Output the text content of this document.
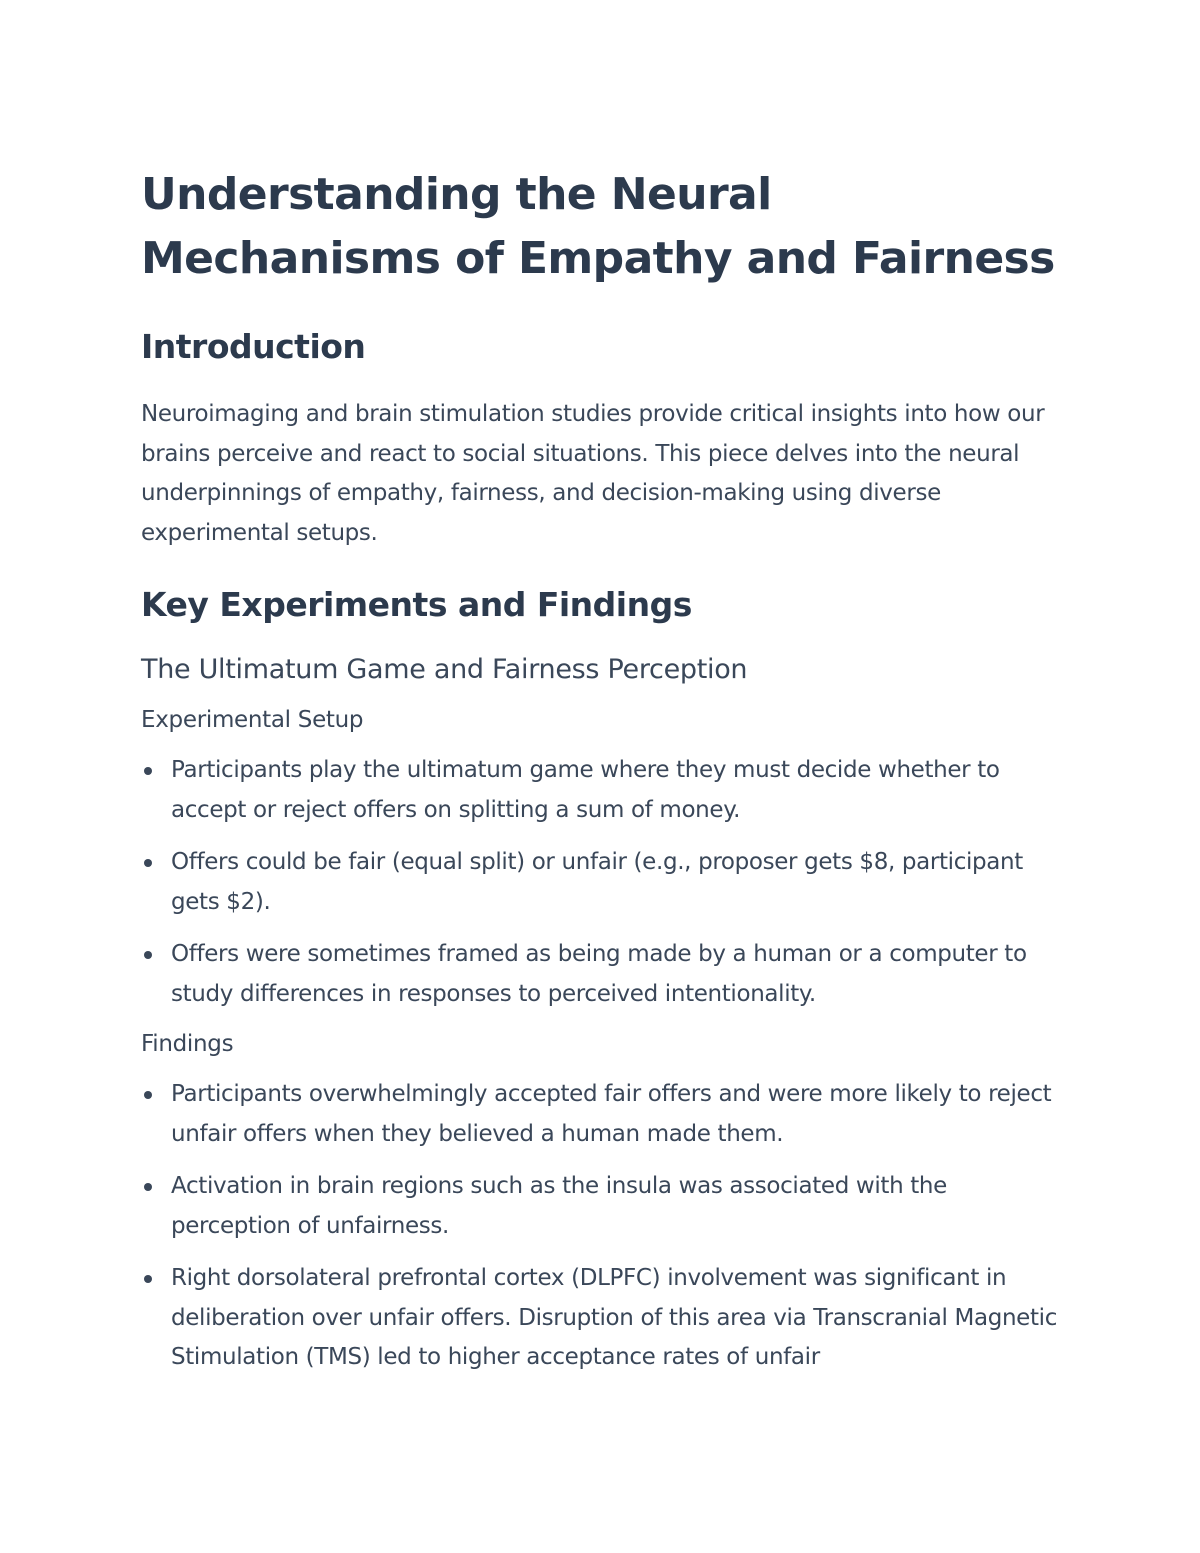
Understanding the Neural Mechanisms of Empathy and Fairness
Introduction

Neuroimaging and brain stimulation studies provide critical insights into how our brains perceive and react to social situations. This piece delves into the neural underpinnings of empathy, fairness, and decision-making using diverse experimental setups.

Key Experiments and Findings
The Ultimatum Game and Fairness Perception
Experimental Setup
Participants play the ultimatum game where they must decide whether to accept or reject offers on splitting a sum of money.
Offers could be fair (equal split) or unfair (e.g., proposer gets $8, participant gets $2).
Offers were sometimes framed as being made by a human or a computer to study differences in responses to perceived intentionality.
Findings
Participants overwhelmingly accepted fair offers and were more likely to reject unfair offers when they believed a human made them.
Activation in brain regions such as the insula was associated with the perception of unfairness.
Right dorsolateral prefrontal cortex (DLPFC) involvement was significant in deliberation over unfair offers. Disruption of this area via Transcranial Magnetic Stimulation (TMS) led to higher acceptance rates of unfair
